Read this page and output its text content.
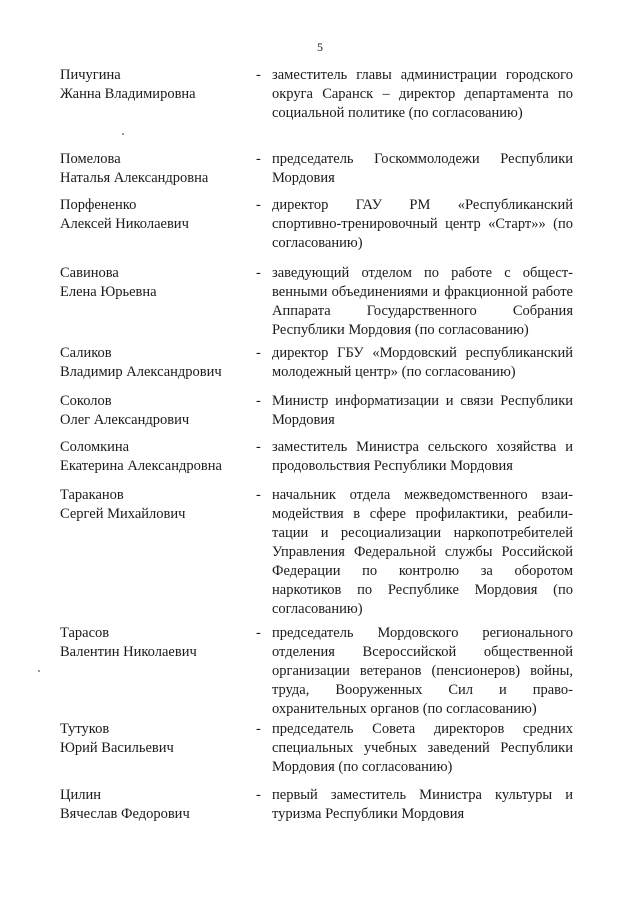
5
Пичугина
Жанна Владимировна
- заместитель главы администрации городского округа Саранск – директор департамента по социальной политике (по согласованию)
Помелова
Наталья Александровна
- председатель Госкоммолодежи Республики Мордовия
Порфененко
Алексей Николаевич
- директор ГАУ РМ «Республиканский спортивно-тренировочный центр «Старт»» (по согласованию)
Савинова
Елена Юрьевна
- заведующий отделом по работе с общественными объединениями и фракционной работе Аппарата Государственного Собрания Республики Мордовия (по согласованию)
Саликов
Владимир Александрович
- директор ГБУ «Мордовский республиканский молодежный центр» (по согласованию)
Соколов
Олег Александрович
- Министр информатизации и связи Республики Мордовия
Соломкина
Екатерина Александровна
- заместитель Министра сельского хозяйства и продовольствия Республики Мордовия
Тараканов
Сергей Михайлович
- начальник отдела межведомственного взаимодействия в сфере профилактики, реабилитации и ресоциализации наркопотребителей Управления Федеральной службы Российской Федерации по контролю за оборотом наркотиков по Республике Мордовия (по согласованию)
Тарасов
Валентин Николаевич
- председатель Мордовского регионального отделения Всероссийской общественной организации ветеранов (пенсионеров) войны, труда, Вооруженных Сил и правоохранительных органов (по согласованию)
Тутуков
Юрий Васильевич
- председатель Совета директоров средних специальных учебных заведений Республики Мордовия (по согласованию)
Цилин
Вячеслав Федорович
- первый заместитель Министра культуры и туризма Республики Мордовия
